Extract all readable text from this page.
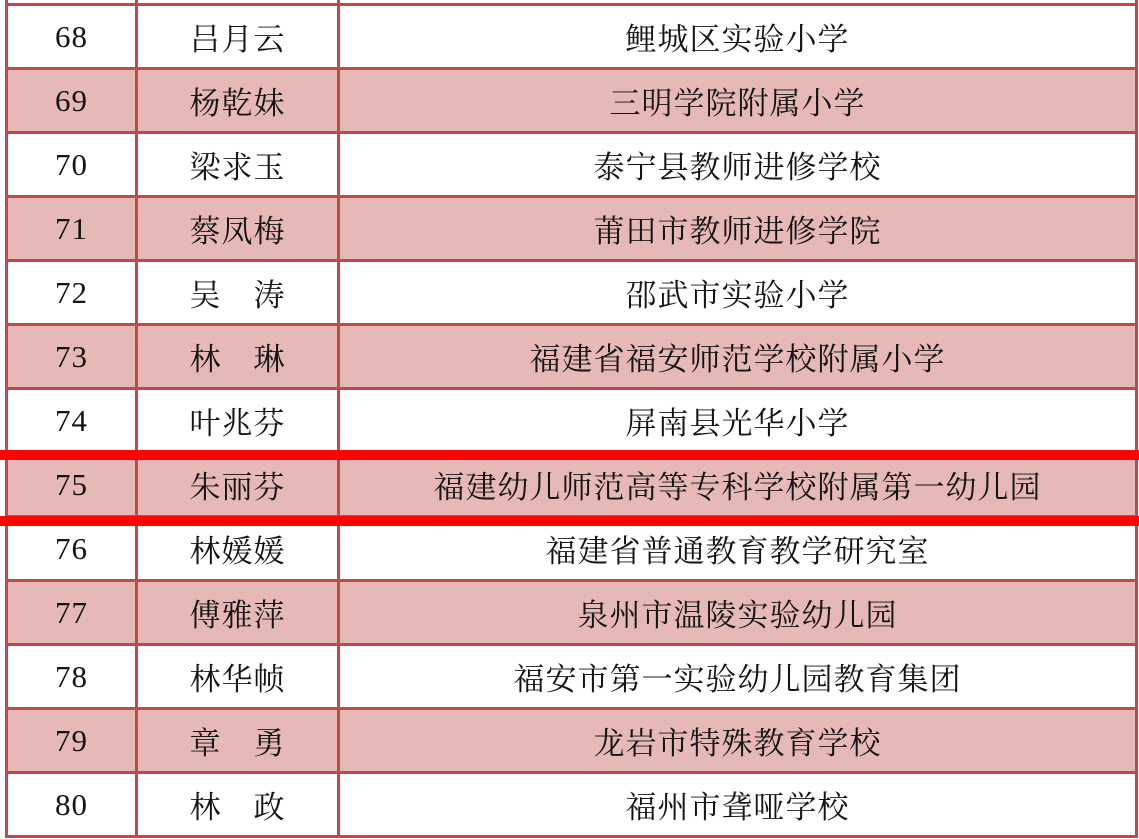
68	吕月云	鲤城区实验小学
69	杨乾妹	三明学院附属小学
70	梁求玉	泰宁县教师进修学校
71	蔡凤梅	莆田市教师进修学院
72	吴　涛	邵武市实验小学
73	林　琳	福建省福安师范学校附属小学
74	叶兆芬	屏南县光华小学
75	朱丽芬	福建幼儿师范高等专科学校附属第一幼儿园
76	林媛媛	福建省普通教育教学研究室
77	傅雅萍	泉州市温陵实验幼儿园
78	林华帧	福安市第一实验幼儿园教育集团
79	章　勇	龙岩市特殊教育学校
80	林　政	福州市聋哑学校
